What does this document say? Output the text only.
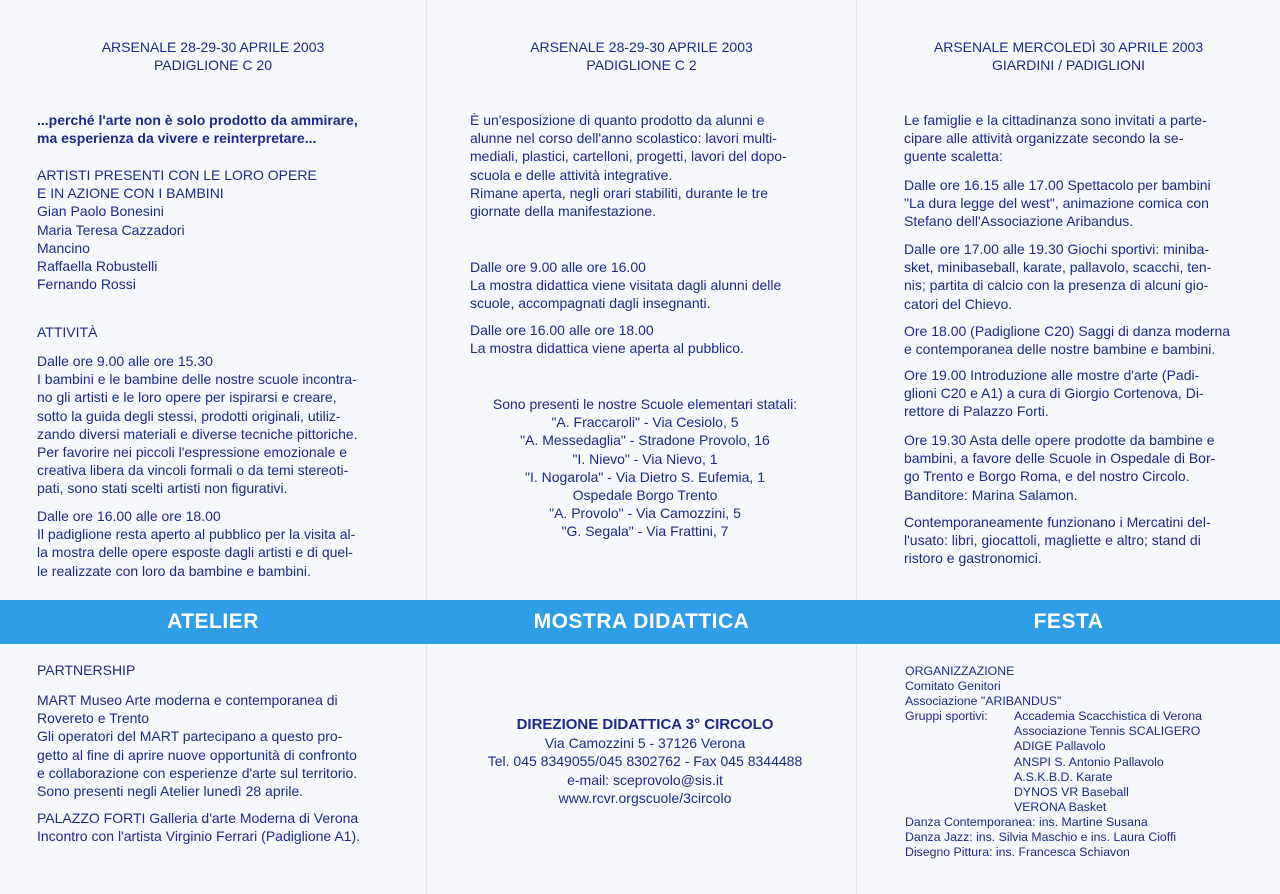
ARSENALE 28-29-30 APRILE 2003
PADIGLIONE C 20
...perché l'arte non è solo prodotto da ammirare,
ma esperienza da vivere e reinterpretare...
ARTISTI PRESENTI CON LE LORO OPERE
E IN AZIONE CON I BAMBINI
Gian Paolo Bonesini
Maria Teresa Cazzadori
Mancino
Raffaella Robustelli
Fernando Rossi
ATTIVITÀ
Dalle ore 9.00 alle ore 15.30
I bambini e le bambine delle nostre scuole incontra-
no gli artisti e le loro opere per ispirarsi e creare,
sotto la guida degli stessi, prodotti originali, utiliz-
zando diversi materiali e diverse tecniche pittoriche.
Per favorire nei piccoli l'espressione emozionale e
creativa libera da vincoli formali o da temi stereoti-
pati, sono stati scelti artisti non figurativi.
Dalle ore 16.00 alle ore 18.00
Il padiglione resta aperto al pubblico per la visita al-
la mostra delle opere esposte dagli artisti e di quel-
le realizzate con loro da bambine e bambini.
PARTNERSHIP
MART Museo Arte moderna e contemporanea di
Rovereto e Trento
Gli operatori del MART partecipano a questo pro-
getto al fine di aprire nuove opportunità di confronto
e collaborazione con esperienze d'arte sul territorio.
Sono presenti negli Atelier lunedì 28 aprile.
PALAZZO FORTI Galleria d'arte Moderna di Verona
Incontro con l'artista Virginio Ferrari (Padiglione A1).
ARSENALE 28-29-30 APRILE 2003
PADIGLIONE C 2
È un'esposizione di quanto prodotto da alunni e
alunne nel corso dell'anno scolastico: lavori multi-
mediali, plastici, cartelloni, progetti, lavori del dopo-
scuola e delle attività integrative.
Rimane aperta, negli orari stabiliti, durante le tre
giornate della manifestazione.
Dalle ore 9.00 alle ore 16.00
La mostra didattica viene visitata dagli alunni delle
scuole, accompagnati dagli insegnanti.
Dalle ore 16.00 alle ore 18.00
La mostra didattica viene aperta al pubblico.
Sono presenti le nostre Scuole elementari statali:
"A. Fraccaroli" - Via Cesiolo, 5
"A. Messedaglia" - Stradone Provolo, 16
"I. Nievo" - Via Nievo, 1
"I. Nogarola" - Via Dietro S. Eufemia, 1
Ospedale Borgo Trento
"A. Provolo" - Via Camozzini, 5
"G. Segala" - Via Frattini, 7
DIREZIONE DIDATTICA 3° CIRCOLO
Via Camozzini 5 - 37126 Verona
Tel. 045 8349055/045 8302762 - Fax 045 8344488
e-mail: sceprovolo@sis.it
www.rcvr.orgscuole/3circolo
ARSENALE MERCOLEDÌ 30 APRILE 2003
GIARDINI / PADIGLIONI
Le famiglie e la cittadinanza sono invitati a parte-
cipare alle attività organizzate secondo la se-
guente scaletta:
Dalle ore 16.15 alle 17.00 Spettacolo per bambini
"La dura legge del west", animazione comica con
Stefano dell'Associazione Aribandus.
Dalle ore 17.00 alle 19.30 Giochi sportivi: miniba-
sket, minibaseball, karate, pallavolo, scacchi, ten-
nis; partita di calcio con la presenza di alcuni gio-
catori del Chievo.
Ore 18.00 (Padiglione C20) Saggi di danza moderna
e contemporanea delle nostre bambine e bambini.
Ore 19.00 Introduzione alle mostre d'arte (Padi-
glioni C20 e A1) a cura di Giorgio Cortenova, Di-
rettore di Palazzo Forti.
Ore 19.30 Asta delle opere prodotte da bambine e
bambini, a favore delle Scuole in Ospedale di Bor-
go Trento e Borgo Roma, e del nostro Circolo.
Banditore: Marina Salamon.
Contemporaneamente funzionano i Mercatini del-
l'usato: libri, giocattoli, magliette e altro; stand di
ristoro e gastronomici.
ORGANIZZAZIONE
Comitato Genitori
Associazione "ARIBANDUS"
Gruppi sportivi:	Accademia Scacchistica di Verona
Associazione Tennis SCALIGERO
ADIGE Pallavolo
ANSPI S. Antonio Pallavolo
A.S.K.B.D. Karate
DYNOS VR Baseball
VERONA Basket
Danza Contemporanea: ins. Martine Susana
Danza Jazz: ins. Silvia Maschio e ins. Laura Cioffi
Disegno Pittura: ins. Francesca Schiavon
ATELIER	MOSTRA DIDATTICA	FESTA
